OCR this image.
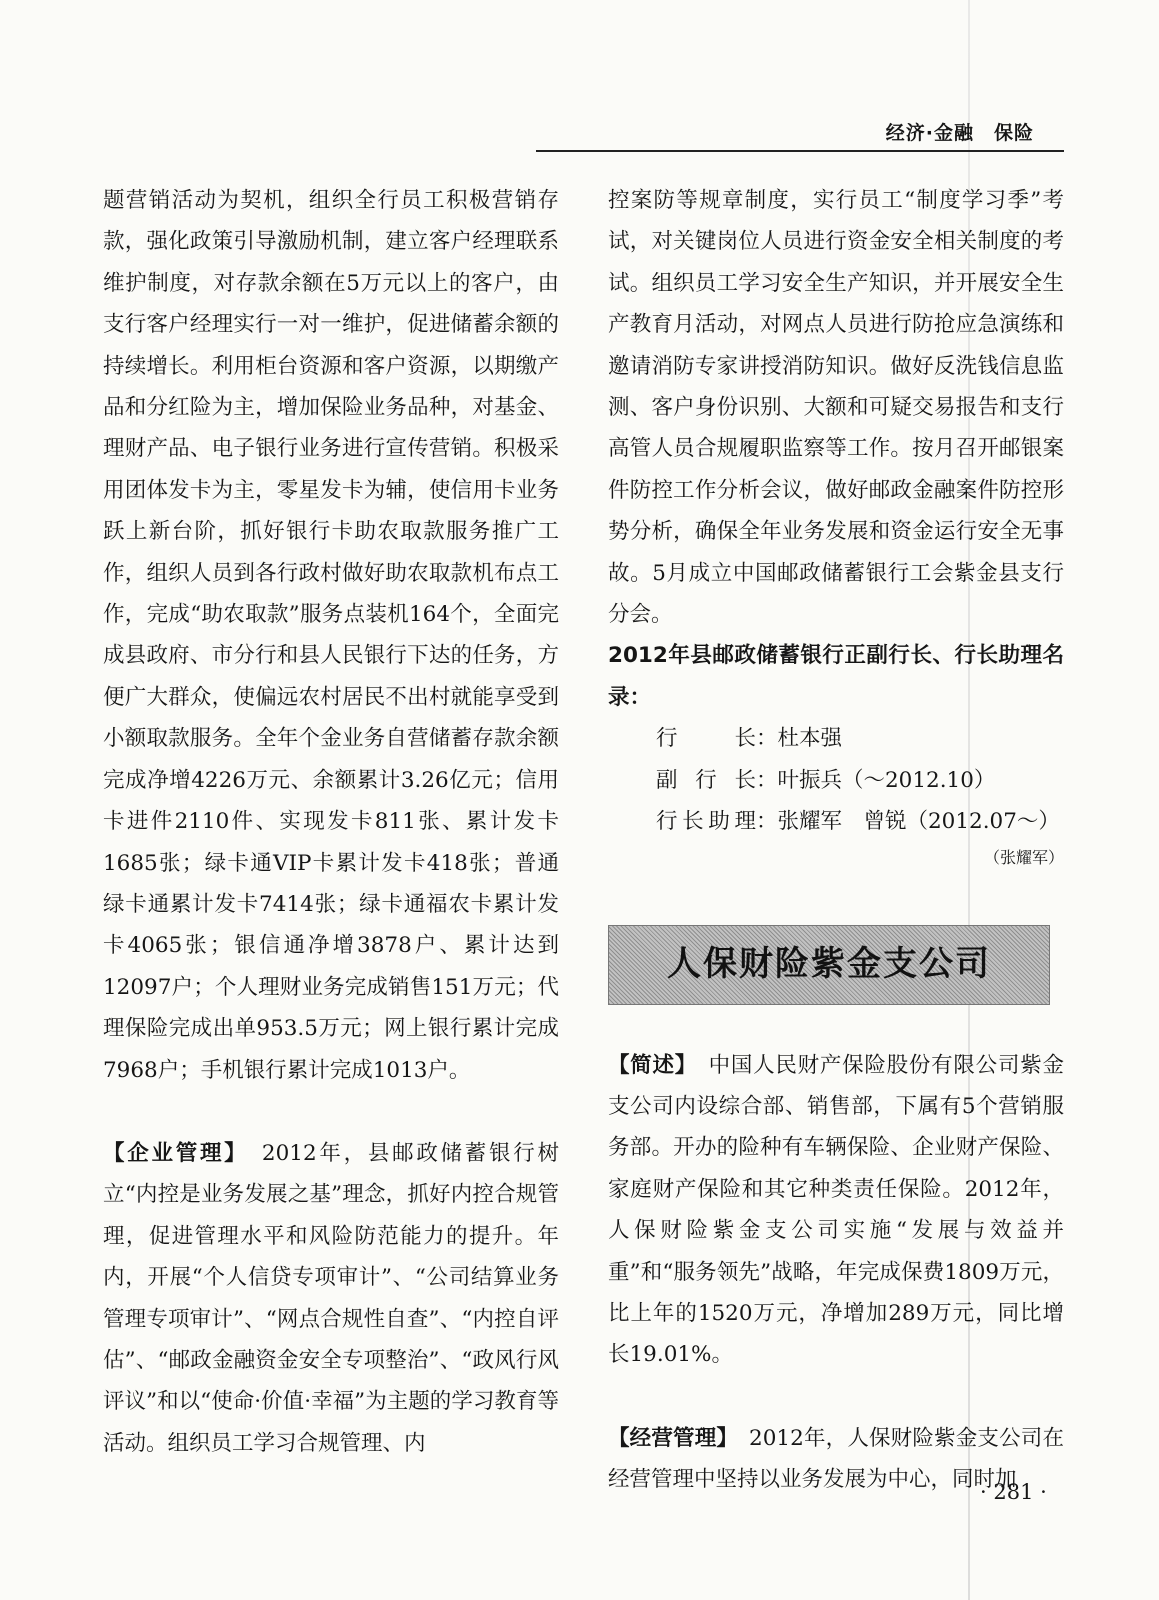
经济·金融　保险

题营销活动为契机，组织全行员工积极营销存款，强化政策引导激励机制，建立客户经理联系维护制度，对存款余额在5万元以上的客户，由支行客户经理实行一对一维护，促进储蓄余额的持续增长。利用柜台资源和客户资源，以期缴产品和分红险为主，增加保险业务品种，对基金、理财产品、电子银行业务进行宣传营销。积极采用团体发卡为主，零星发卡为辅，使信用卡业务跃上新台阶，抓好银行卡助农取款服务推广工作，组织人员到各行政村做好助农取款机布点工作，完成“助农取款”服务点装机164个，全面完成县政府、市分行和县人民银行下达的任务，方便广大群众，使偏远农村居民不出村就能享受到小额取款服务。全年个金业务自营储蓄存款余额完成净增4226万元、余额累计3.26亿元；信用卡进件2110件、实现发卡811张、累计发卡1685张；绿卡通VIP卡累计发卡418张；普通绿卡通累计发卡7414张；绿卡通福农卡累计发卡4065张；银信通净增3878户、累计达到12097户；个人理财业务完成销售151万元；代理保险完成出单953.5万元；网上银行累计完成7968户；手机银行累计完成1013户。

【企业管理】　 2012年，县邮政储蓄银行树立“内控是业务发展之基”理念，抓好内控合规管理，促进管理水平和风险防范能力的提升。年内，开展“个人信贷专项审计”、“公司结算业务管理专项审计”、“网点合规性自查”、“内控自评估”、“邮政金融资金安全专项整治”、“政风行风评议”和以“使命·价值·幸福”为主题的学习教育等活动。组织员工学习合规管理、内

控案防等规章制度，实行员工“制度学习季”考试，对关键岗位人员进行资金安全相关制度的考试。组织员工学习安全生产知识，并开展安全生产教育月活动，对网点人员进行防抢应急演练和邀请消防专家讲授消防知识。做好反洗钱信息监测、客户身份识别、大额和可疑交易报告和支行高管人员合规履职监察等工作。按月召开邮银案件防控工作分析会议，做好邮政金融案件防控形势分析，确保全年业务发展和资金运行安全无事故。5月成立中国邮政储蓄银行工会紫金县支行分会。

2012年县邮政储蓄银行正副行长、行长助理名录：

行　　长 ：杜本强
副 行 长 ：叶振兵（～2012.10）
行长助理 ：张耀军　曾锐（2012.07～）
（张耀军）
人保财险紫金支公司

【简述】　 中国人民财产保险股份有限公司紫金支公司内设综合部、销售部，下属有5个营销服务部。开办的险种有车辆保险、企业财产保险、家庭财产保险和其它种类责任保险。2012年，人保财险紫金支公司实施“发展与效益并重”和“服务领先”战略，年完成保费1809万元，比上年的1520万元，净增加289万元，同比增长19.01%。

【经营管理】　 2012年，人保财险紫金支公司在经营管理中坚持以业务发展为中心，同时加

· 281 ·
